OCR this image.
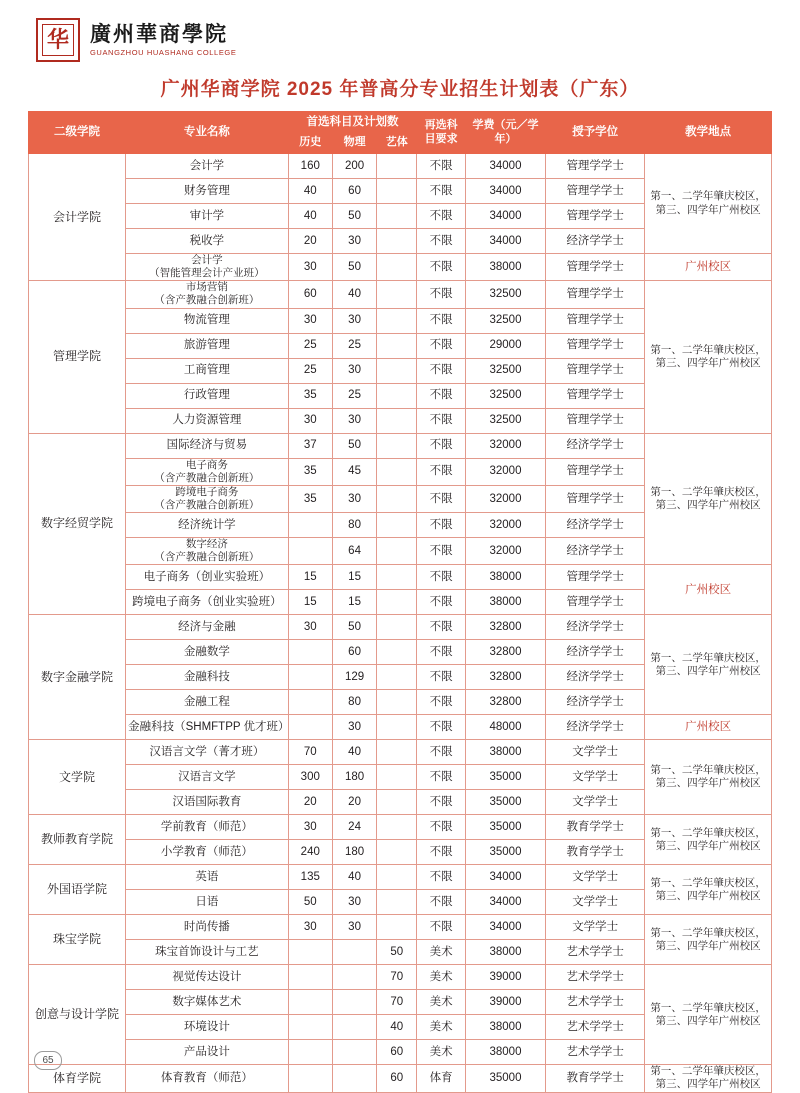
华	廣州華商學院
GUANGZHOU HUASHANG COLLEGE
广州华商学院 2025 年普高分专业招生计划表（广东）
二级学院	专业名称	首选科目及计划数			再选科目要求	学费（元／学年）	授予学位	教学地点
		历史	物理	艺体				
会计学院	会计学	160	200		不限	34000	管理学学士	第一、二学年肇庆校区，第三、四学年广州校区
	财务管理	40	60		不限	34000	管理学学士	
	审计学	40	50		不限	34000	管理学学士	
	税收学	20	30		不限	34000	经济学学士	

	会计学
（智能管理会计产业班）	30	50		不限	38000	管理学学士	广州校区
管理学院	市场营销
（含产教融合创新班）	60	40		不限	32500	管理学学士	第一、二学年肇庆校区，第三、四学年广州校区
	物流管理	30	30		不限	32500	管理学学士	
	旅游管理	25	25		不限	29000	管理学学士	
	工商管理	25	30		不限	32500	管理学学士	
	行政管理	35	25		不限	32500	管理学学士	
	人力资源管理	30	30		不限	32500	管理学学士	
数字经贸学院	国际经济与贸易	37	50		不限	32000	经济学学士	第一、二学年肇庆校区，第三、四学年广州校区

	电子商务
（含产教融合创新班）	35	45		不限	32000	管理学学士	

	跨境电子商务
（含产教融合创新班）	35	30		不限	32000	管理学学士	
	经济统计学		80		不限	32000	经济学学士	

	数字经济
（含产教融合创新班）		64		不限	32000	经济学学士	
	电子商务（创业实验班）	15	15		不限	38000	管理学学士	广州校区
	跨境电子商务（创业实验班）	15	15		不限	38000	管理学学士	
数字金融学院	经济与金融	30	50		不限	32800	经济学学士	第一、二学年肇庆校区，第三、四学年广州校区
	金融数学		60		不限	32800	经济学学士	
	金融科技		129		不限	32800	经济学学士	
	金融工程		80		不限	32800	经济学学士	
	金融科技（SHMFTPP 优才班）		30		不限	48000	经济学学士	广州校区
文学院	汉语言文学（菁才班）	70	40		不限	38000	文学学士	第一、二学年肇庆校区，第三、四学年广州校区
	汉语言文学	300	180		不限	35000	文学学士	
	汉语国际教育	20	20		不限	35000	文学学士	
教师教育学院	学前教育（师范）	30	24		不限	35000	教育学学士	第一、二学年肇庆校区，第三、四学年广州校区
	小学教育（师范）	240	180		不限	35000	教育学学士	
外国语学院	英语	135	40		不限	34000	文学学士	第一、二学年肇庆校区，第三、四学年广州校区
	日语	50	30		不限	34000	文学学士	
珠宝学院	时尚传播	30	30		不限	34000	文学学士	第一、二学年肇庆校区，第三、四学年广州校区
	珠宝首饰设计与工艺			50	美术	38000	艺术学学士	
创意与设计学院	视觉传达设计			70	美术	39000	艺术学学士	第一、二学年肇庆校区，第三、四学年广州校区
	数字媒体艺术			70	美术	39000	艺术学学士	
	环境设计			40	美术	38000	艺术学学士	
	产品设计			60	美术	38000	艺术学学士	
体育学院	体育教育（师范）			60	体育	35000	教育学学士	第一、二学年肇庆校区，第三、四学年广州校区
65
